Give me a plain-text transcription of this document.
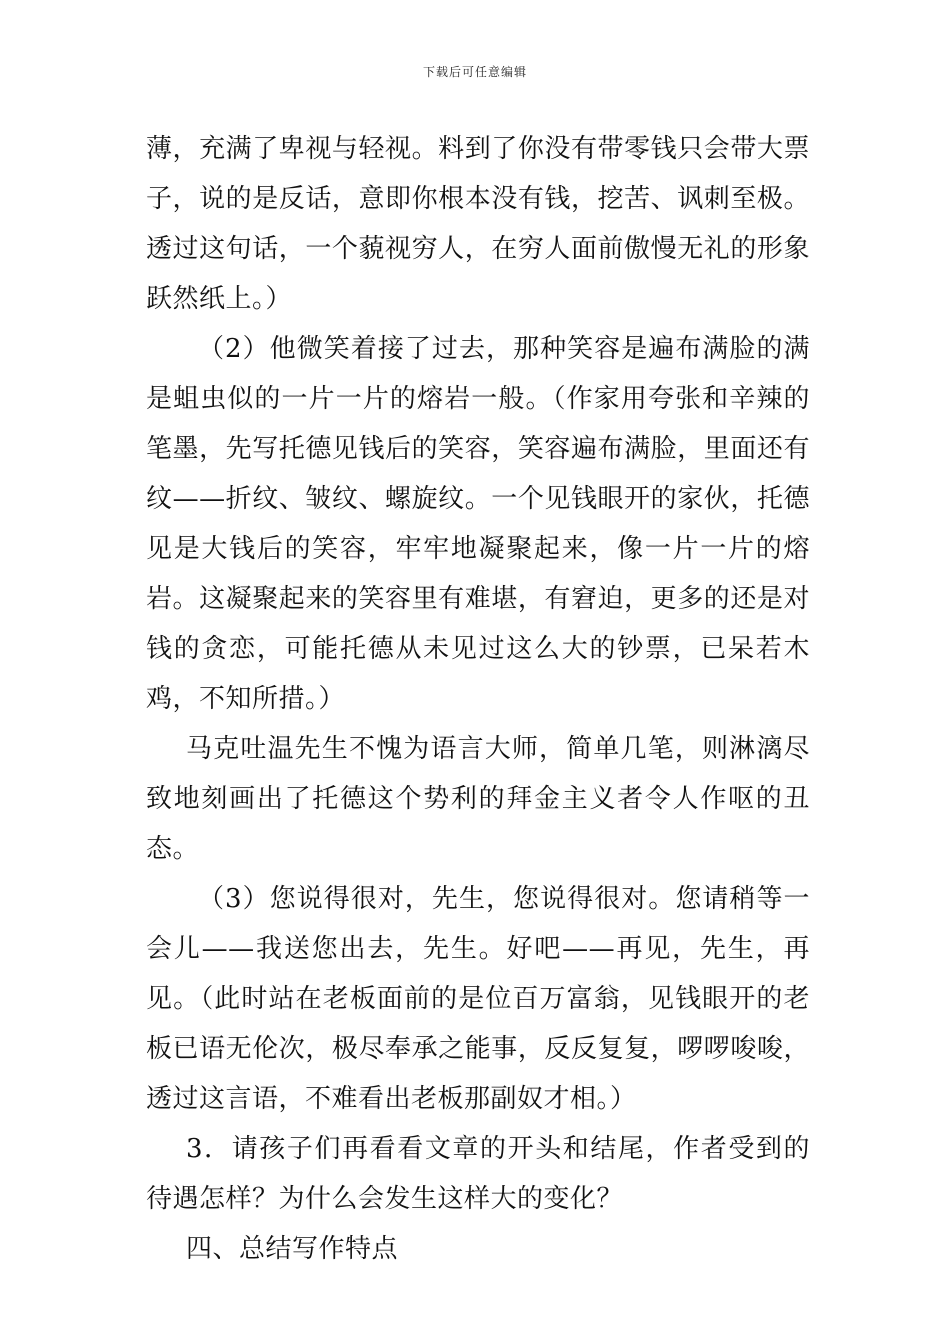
下载后可任意编辑

薄，充满了卑视与轻视。料到了你没有带零钱只会带大票子，说的是反话，意即你根本没有钱，挖苦、讽刺至极。透过这句话，一个藐视穷人，在穷人面前傲慢无礼的形象跃然纸上。）

（2）他微笑着接了过去，那种笑容是遍布满脸的满是蛆虫似的一片一片的熔岩一般。（作家用夸张和辛辣的笔墨，先写托德见钱后的笑容，笑容遍布满脸，里面还有纹——折纹、皱纹、螺旋纹。一个见钱眼开的家伙，托德见是大钱后的笑容，牢牢地凝聚起来，像一片一片的熔岩。这凝聚起来的笑容里有难堪，有窘迫，更多的还是对钱的贪恋，可能托德从未见过这么大的钞票，已呆若木鸡，不知所措。）

马克吐温先生不愧为语言大师，简单几笔，则淋漓尽致地刻画出了托德这个势利的拜金主义者令人作呕的丑态。

（3）您说得很对，先生，您说得很对。您请稍等一会儿——我送您出去，先生。好吧——再见，先生，再见。（此时站在老板面前的是位百万富翁，见钱眼开的老板已语无伦次，极尽奉承之能事，反反复复，啰啰唆唆，透过这言语，不难看出老板那副奴才相。）

3．请孩子们再看看文章的开头和结尾，作者受到的待遇怎样？为什么会发生这样大的变化？

四、总结写作特点
